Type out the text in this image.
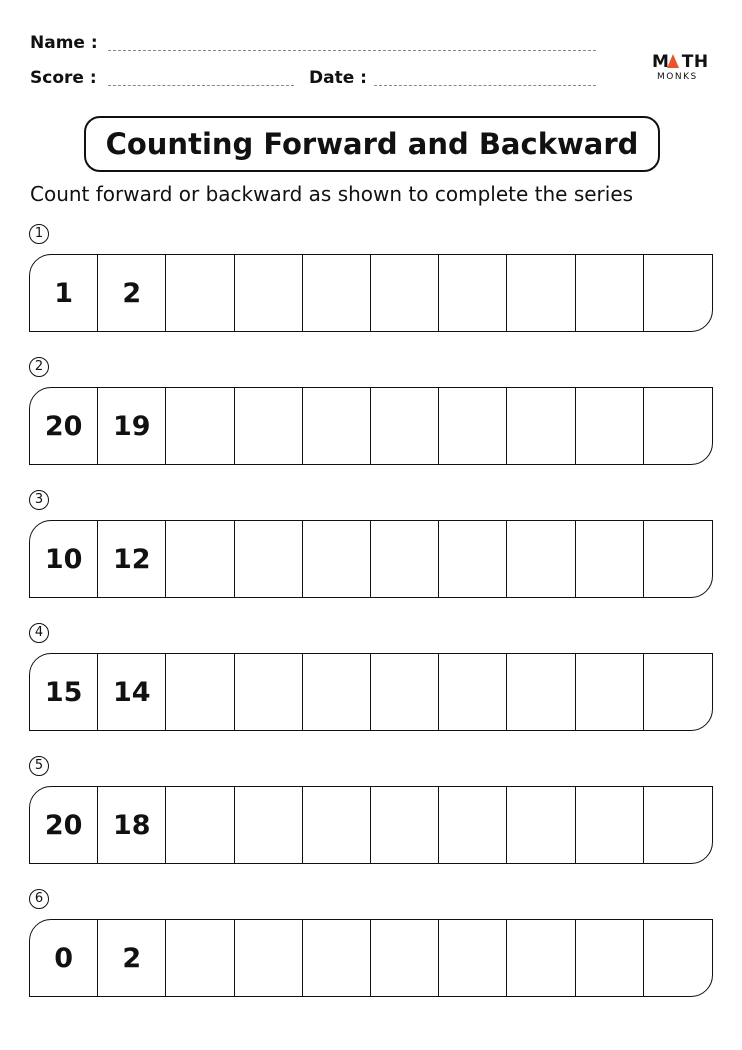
Name :
Score :	Date :
M TH
MONKS
Counting Forward and Backward
Count forward or backward as shown to complete the series
1
1	2
2
20	19
3
10	12
4
15	14
5
20	18
6
0	2
